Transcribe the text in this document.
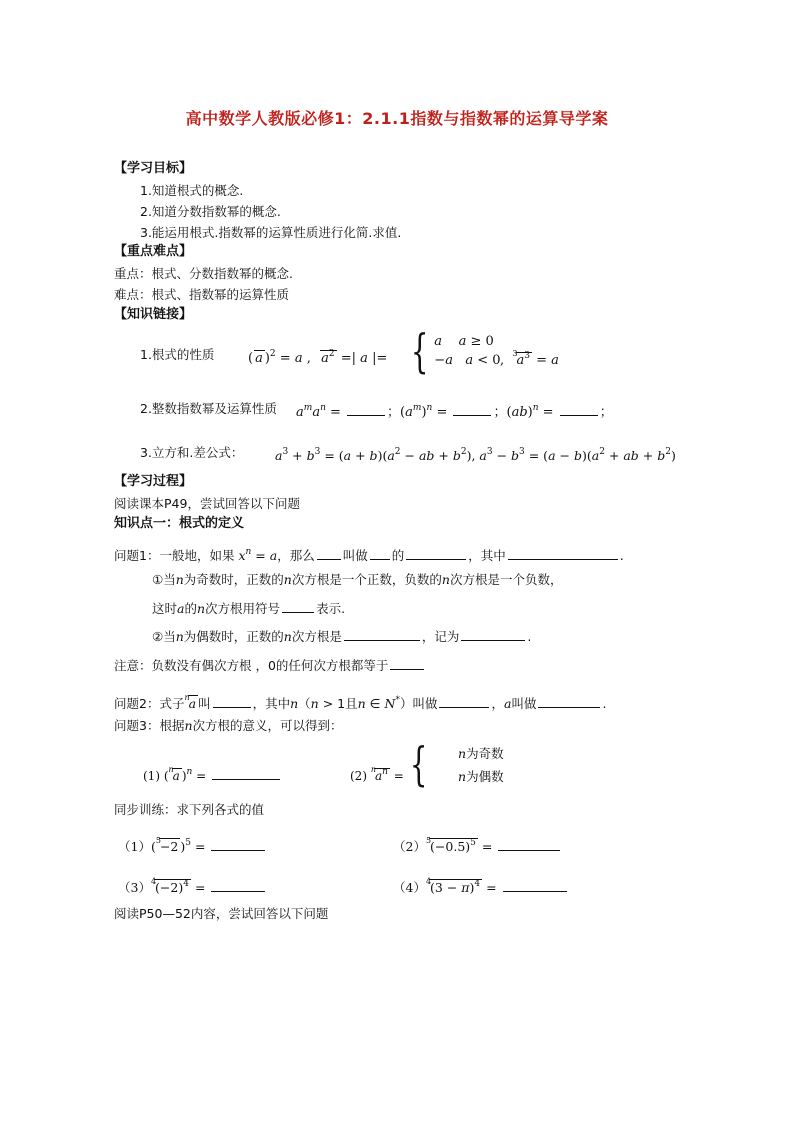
高中数学人教版必修1：2.1.1指数与指数幂的运算导学案
【学习目标】
1.知道根式的概念.
2.知道分数指数幂的概念.
3.能运用根式.指数幂的运算性质进行化简.求值.
【重点难点】
重点：根式、分数指数幂的概念.
难点：根式、指数幂的运算性质
【知识链接】
1.根式的性质	( a )$^2$ = a ,  $a^2$ =| a |= { a a ≥ 0
−a a < 0 ,  $^3a^3 = a$
2.整数指数幂及运算性质 $a^ma^n$ =	；$(a^m)^n$ =	；(ab)$^n$ =	；
3.立方和.差公式：	$a^3 + b^3 = (a + b)(a^2$ − ab + $b^2$), $a^3 - b^3 = (a - b)(a^2$ + ab + $b^2$)
【学习过程】
阅读课本P49，尝试回答以下问题
知识点一：根式的定义
问题1：一般地，如果 $x^n = a$，那么 叫做 的	，其中	.
①当n为奇数时，正数的n次方根是一个正数，负数的n次方根是一个负数，
这时a的n次方根用符号	表示.
②当n为偶数时，正数的n次方根是	，记为	.
注意：负数没有偶次方根 ，0的任何次方根都等于
问题2：式子$^n$a 叫	，其中n（n > 1且n ∈ N*）叫做	，a叫做	.
问题3：根据n次方根的意义，可以得到：
(1) ($^n$a )$^n$ =	(2) $^na^n$ = {	n为奇数
n为偶数
同步训练：求下列各式的值
（1）($^5$−2 )$^5$ =	$(2)^5(-0.5)^5$ =
$(3)^4(-2)^4$ =	$(4)^4(3 - \pi)^4$ =
阅读P50—52内容，尝试回答以下问题
